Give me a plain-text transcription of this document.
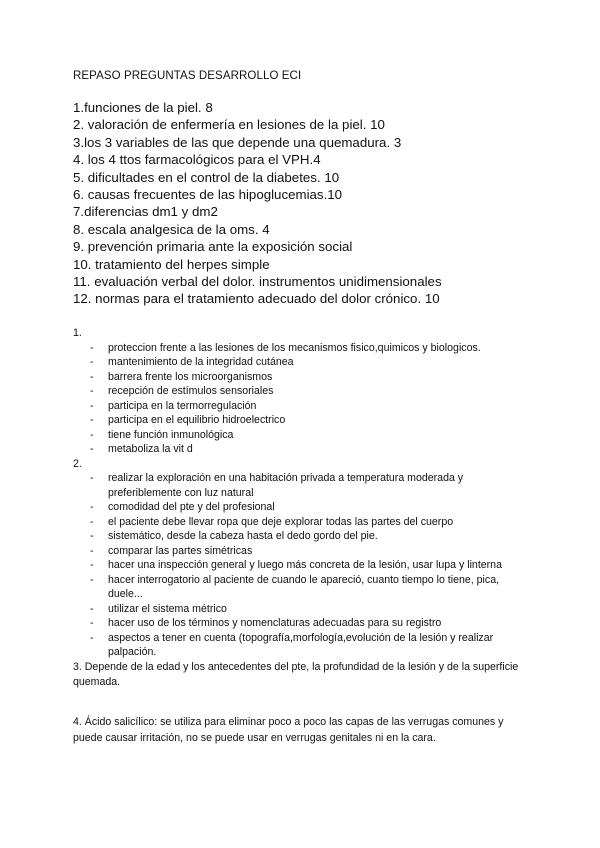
REPASO PREGUNTAS DESARROLLO ECI
1.funciones de la piel. 8
2. valoración de enfermería en lesiones de la piel. 10
3.los 3 variables de las que depende una quemadura. 3
4. los 4 ttos farmacológicos para el VPH.4
5. dificultades en el control de la diabetes. 10
6. causas frecuentes de las hipoglucemias.10
7.diferencias dm1 y dm2
8. escala analgesica de la oms. 4
9. prevención primaria ante la exposición social
10. tratamiento del herpes simple
11. evaluación verbal del dolor. instrumentos unidimensionales
12. normas para el tratamiento adecuado del dolor crónico. 10

1.

- proteccion frente a las lesiones de los mecanismos fisico,quimicos y biologicos.
- mantenimiento de la integridad cutánea
- barrera frente los microorganismos
- recepción de estímulos sensoriales
- participa en la termorregulación
- participa en el equilibrio hidroelectrico
- tiene función inmunológica
- metaboliza la vit d

2.

- realizar la exploración en una habitación privada a temperatura moderada y preferiblemente con luz natural
- comodidad del pte y del profesional
- el paciente debe llevar ropa que deje explorar todas las partes del cuerpo
- sistemático, desde la cabeza hasta el dedo gordo del pie.
- comparar las partes simétricas
- hacer una inspección general y luego más concreta de la lesión, usar lupa y linterna
- hacer interrogatorio al paciente de cuando le apareció, cuanto tiempo lo tiene, pica, duele...
- utilizar el sistema métrico
- hacer uso de los términos y nomenclaturas adecuadas para su registro
- aspectos a tener en cuenta (topografía,morfología,evolución de la lesión y realizar palpación.

3. Depende de la edad y los antecedentes del pte, la profundidad de la lesión y de la superficie quemada.

4. Ácido salicílico: se utiliza para eliminar poco a poco las capas de las verrugas comunes y puede causar irritación, no se puede usar en verrugas genitales ni en la cara.
